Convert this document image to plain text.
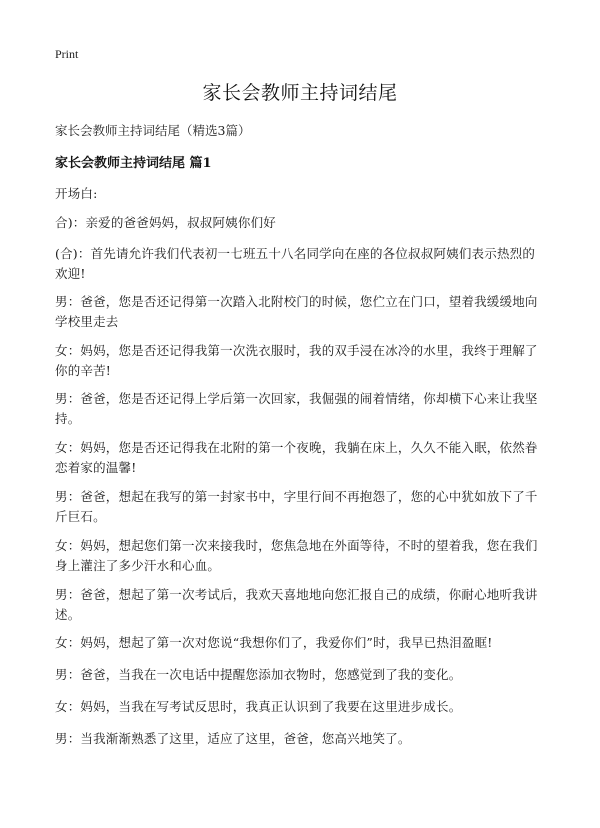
Print
家长会教师主持词结尾
家长会教师主持词结尾（精选3篇）
家长会教师主持词结尾 篇1
开场白:
合)：亲爱的爸爸妈妈，叔叔阿姨你们好
(合)：首先请允许我们代表初一七班五十八名同学向在座的各位叔叔阿姨们表示热烈的欢迎!
男：爸爸，您是否还记得第一次踏入北附校门的时候，您伫立在门口，望着我缓缓地向学校里走去
女：妈妈，您是否还记得我第一次洗衣服时，我的双手浸在冰冷的水里，我终于理解了你的辛苦!
男：爸爸，您是否还记得上学后第一次回家，我倔强的闹着情绪，你却横下心来让我坚持。
女：妈妈，您是否还记得我在北附的第一个夜晚，我躺在床上，久久不能入眠，依然眷恋着家的温馨!
男：爸爸，想起在我写的第一封家书中，字里行间不再抱怨了，您的心中犹如放下了千斤巨石。
女：妈妈，想起您们第一次来接我时，您焦急地在外面等待，不时的望着我，您在我们身上灌注了多少汗水和心血。
男：爸爸，想起了第一次考试后，我欢天喜地地向您汇报自己的成绩，你耐心地听我讲述。
女：妈妈，想起了第一次对您说“我想你们了，我爱你们”时，我早已热泪盈眶!
男：爸爸，当我在一次电话中提醒您添加衣物时，您感觉到了我的变化。
女：妈妈，当我在写考试反思时，我真正认识到了我要在这里进步成长。
男：当我渐渐熟悉了这里，适应了这里，爸爸，您高兴地笑了。
